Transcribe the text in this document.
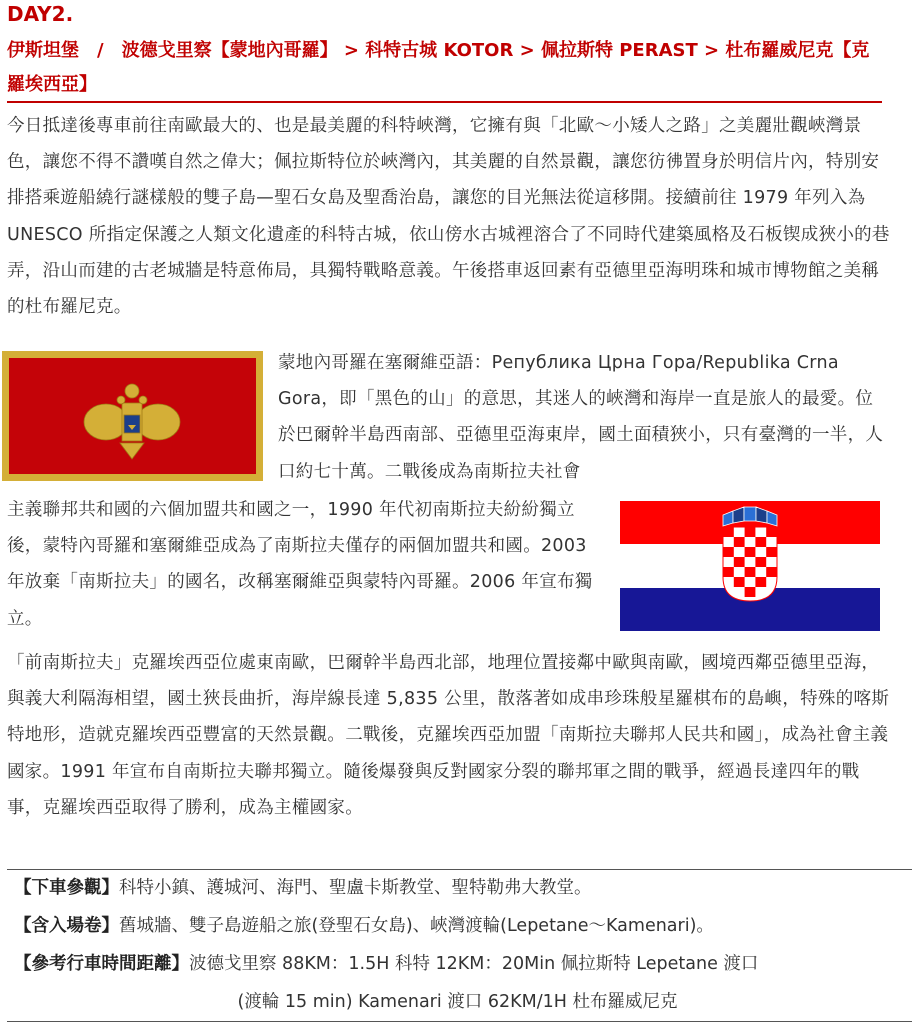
DAY2.
伊斯坦堡　/　波德戈里察【蒙地內哥羅】 > 科特古城 KOTOR > 佩拉斯特 PERAST > 杜布羅威尼克【克羅埃西亞】
今日抵達後專車前往南歐最大的、也是最美麗的科特峽灣，它擁有與「北歐～小矮人之路」之美麗壯觀峽灣景色，讓您不得不讚嘆自然之偉大；佩拉斯特位於峽灣內，其美麗的自然景觀，讓您彷彿置身於明信片內，特別安排搭乘遊船繞行謎樣般的雙子島—聖石女島及聖喬治島，讓您的目光無法從這移開。接續前往 1979 年列入為 UNESCO 所指定保護之人類文化遺產的科特古城，依山傍水古城裡溶合了不同時代建築風格及石板锲成狹小的巷弄，沿山而建的古老城牆是特意佈局，具獨特戰略意義。午後搭車返回素有亞德里亞海明珠和城市博物館之美稱的杜布羅尼克。
蒙地內哥羅在塞爾維亞語：Република Црна Гора/Republika Crna Gora，即「黑色的山」的意思，其迷人的峽灣和海岸一直是旅人的最愛。位於巴爾幹半島西南部、亞德里亞海東岸，國土面積狹小，只有臺灣的一半，人口約七十萬。二戰後成為南斯拉夫社會
主義聯邦共和國的六個加盟共和國之一，1990 年代初南斯拉夫紛紛獨立後，蒙特內哥羅和塞爾維亞成為了南斯拉夫僅存的兩個加盟共和國。2003 年放棄「南斯拉夫」的國名，改稱塞爾維亞與蒙特內哥羅。2006 年宣布獨立。
「前南斯拉夫」克羅埃西亞位處東南歐，巴爾幹半島西北部，地理位置接鄰中歐與南歐，國境西鄰亞德里亞海，與義大利隔海相望，國土狹長曲折，海岸線長達 5,835 公里，散落著如成串珍珠般星羅棋布的島嶼，特殊的喀斯特地形，造就克羅埃西亞豐富的天然景觀。二戰後，克羅埃西亞加盟「南斯拉夫聯邦人民共和國」，成為社會主義國家。1991 年宣布自南斯拉夫聯邦獨立。隨後爆發與反對國家分裂的聯邦軍之間的戰爭，經過長達四年的戰事，克羅埃西亞取得了勝利，成為主權國家。
【下車參觀】科特小鎮、護城河、海門、聖盧卡斯教堂、聖特勒弗大教堂。
【含入場卷】舊城牆、雙子島遊船之旅(登聖石女島)、峽灣渡輪(Lepetane～Kamenari)。
【參考行車時間距離】波德戈里察 88KM：1.5H 科特 12KM：20Min 佩拉斯特 Lepetane 渡口
(渡輪 15 min) Kamenari 渡口 62KM/1H 杜布羅威尼克
